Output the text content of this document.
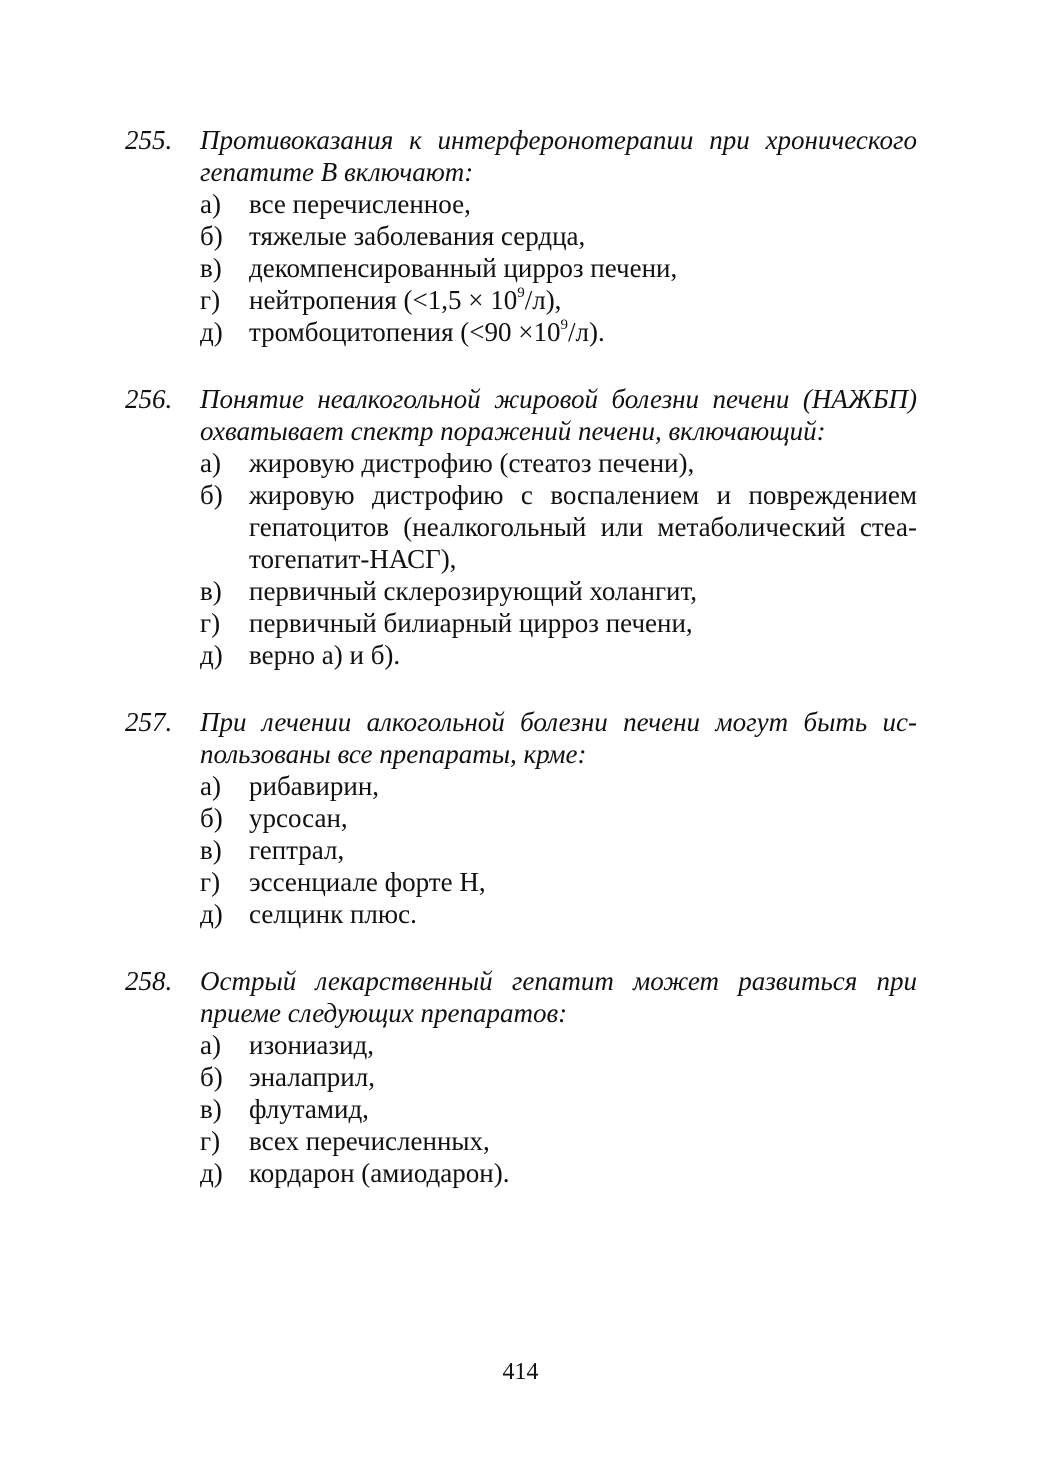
255.	Противоказания к интерферонотерапии при хронического гепатите В включают:
а)	все перечисленное,
б) тяжелые заболевания сердца,
в)	декомпенсированный цирроз печени,
г)	нейтропения $(<1,5 \times 10^9/л)$,
д) тромбоцитопения $(<90 \times 10^9/л)$.
256.	Понятие неалкогольной жировой болезни печени (НАЖБП) охватывает спектр поражений печени, включающий:
а)	жировую дистрофию (стеатоз печени),
б) жировую дистрофию с воспалением и повреждением гепатоцитов (неалкогольный или метаболический стеа-тогепатит-НАСГ),
в)	первичный склерозирующий холангит,
г)	первичный билиарный цирроз печени,
д) верно а) и б).
257.	При лечении алкогольной болезни печени могут быть ис-пользованы все препараты, крме:
а)	рибавирин,
б) урсосан,
в)	гептрал,
г)	эссенциале форте Н,
д) селцинк плюс.
258.	Острый лекарственный гепатит может развиться при приеме следующих препаратов:
а)	изониазид,
б) эналаприл,
в)	флутамид,
г)	всех перечисленных,
д) кордарон (амиодарон).
414
